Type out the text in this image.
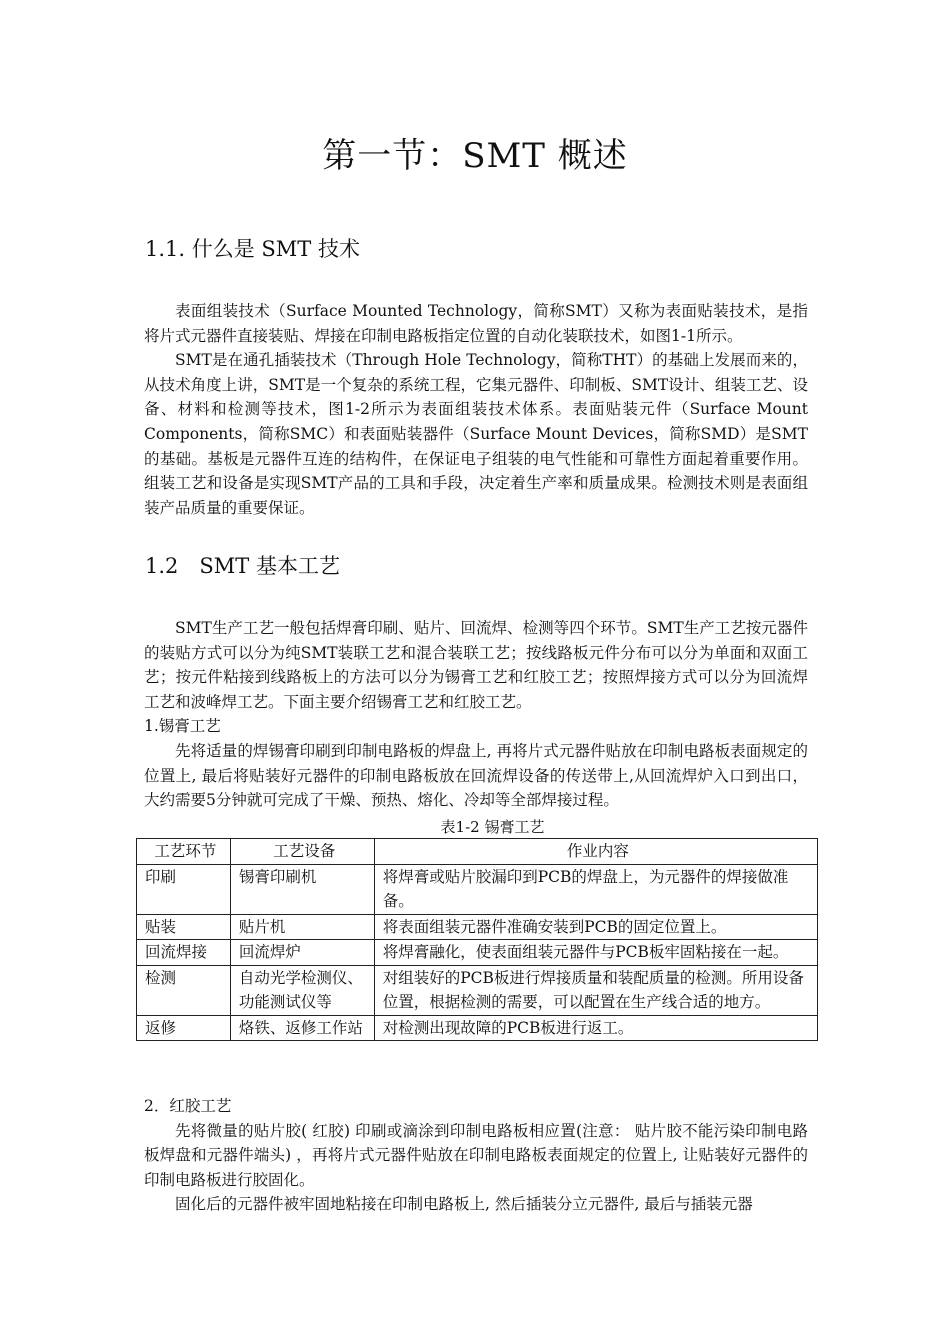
第一节：SMT 概述
1.1. 什么是 SMT 技术

表面组装技术（Surface Mounted Technology，简称SMT）又称为表面贴装技术，是指将片式元器件直接装贴、焊接在印制电路板指定位置的自动化装联技术，如图1-1所示。

SMT是在通孔插装技术（Through Hole Technology，简称THT）的基础上发展而来的，从技术角度上讲，SMT是一个复杂的系统工程，它集元器件、印制板、SMT设计、组装工艺、设备、材料和检测等技术，图1-2所示为表面组装技术体系。表面贴装元件（Surface Mount Components，简称SMC）和表面贴装器件（Surface Mount Devices，简称SMD）是SMT的基础。基板是元器件互连的结构件，在保证电子组装的电气性能和可靠性方面起着重要作用。组装工艺和设备是实现SMT产品的工具和手段，决定着生产率和质量成果。检测技术则是表面组装产品质量的重要保证。

1.2　SMT 基本工艺

SMT生产工艺一般包括焊膏印刷、贴片、回流焊、检测等四个环节。SMT生产工艺按元器件的装贴方式可以分为纯SMT装联工艺和混合装联工艺；按线路板元件分布可以分为单面和双面工艺；按元件粘接到线路板上的方法可以分为锡膏工艺和红胶工艺；按照焊接方式可以分为回流焊工艺和波峰焊工艺。下面主要介绍锡膏工艺和红胶工艺。

1.锡膏工艺

先将适量的焊锡膏印刷到印制电路板的焊盘上, 再将片式元器件贴放在印制电路板表面规定的位置上, 最后将贴装好元器件的印制电路板放在回流焊设备的传送带上,从回流焊炉入口到出口，大约需要5分钟就可完成了干燥、预热、熔化、冷却等全部焊接过程。

表1-2 锡膏工艺
工艺环节	工艺设备	作业内容
印刷	锡膏印刷机	将焊膏或贴片胶漏印到PCB的焊盘上，为元器件的焊接做准备。
贴装	贴片机	将表面组装元器件准确安装到PCB的固定位置上。
回流焊接	回流焊炉	将焊膏融化，使表面组装元器件与PCB板牢固粘接在一起。
检测	自动光学检测仪、功能测试仪等	对组装好的PCB板进行焊接质量和装配质量的检测。所用设备位置，根据检测的需要，可以配置在生产线合适的地方。
返修	烙铁、返修工作站	对检测出现故障的PCB板进行返工。

2．红胶工艺

先将微量的贴片胶( 红胶) 印刷或滴涂到印制电路板相应置(注意： 贴片胶不能污染印制电路板焊盘和元器件端头) ，再将片式元器件贴放在印制电路板表面规定的位置上, 让贴装好元器件的印制电路板进行胶固化。

固化后的元器件被牢固地粘接在印制电路板上, 然后插装分立元器件, 最后与插装元器
